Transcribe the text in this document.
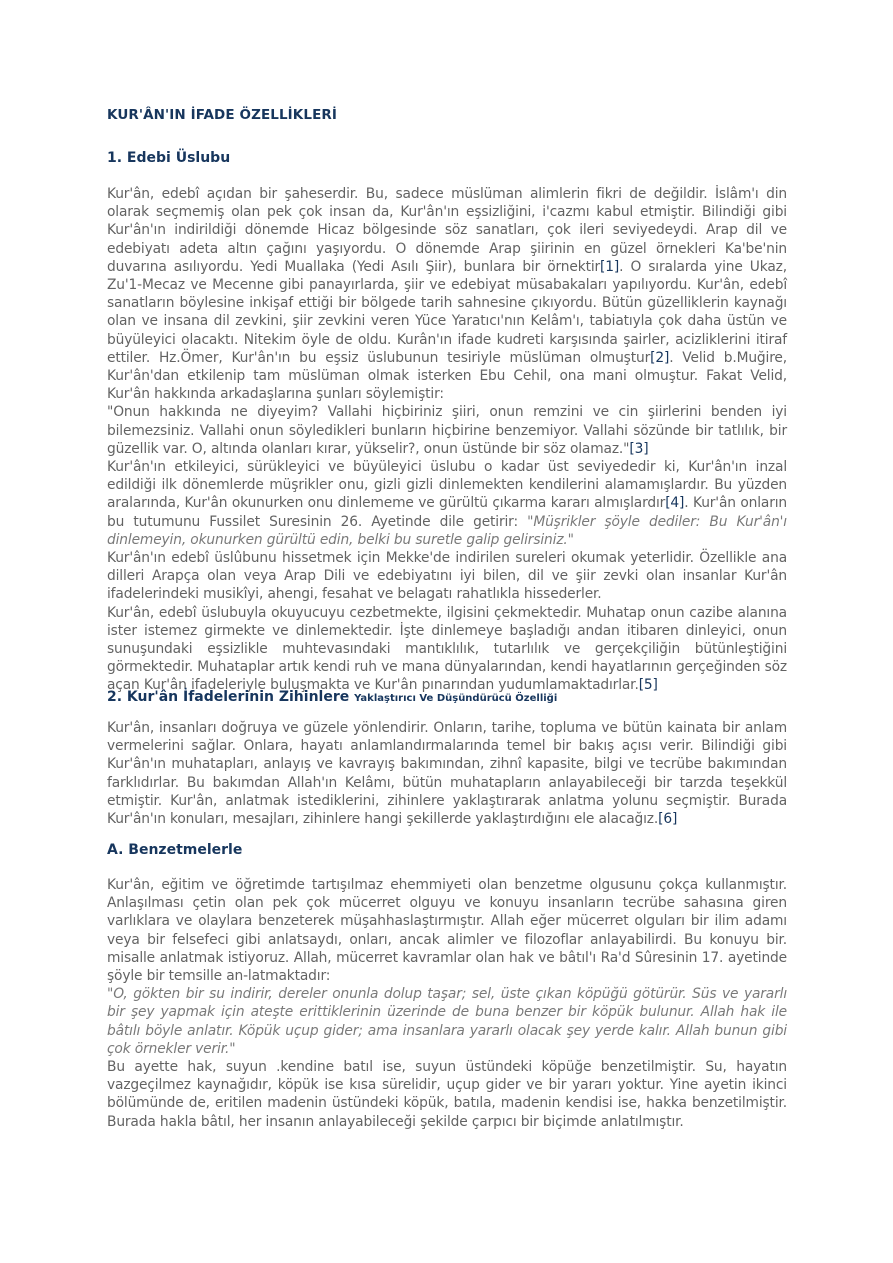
KUR'ÂN'IN İFADE ÖZELLİKLERİ
1. Edebi Üslubu
Kur'ân, edebî açıdan bir şaheserdir. Bu, sadece müslüman alimlerin fikri de değildir. İslâm'ı din olarak seçmemiş olan pek çok insan da, Kur'ân'ın eşsizliğini, i'cazmı kabul etmiştir. Bilindiği gibi Kur'ân'ın indirildiği dönemde Hicaz bölgesinde söz sanatları, çok ileri seviyedeydi. Arap dil ve edebiyatı adeta altın çağını yaşıyordu. O dönemde Arap şiirinin en güzel örnekleri Ka'be'nin duvarına asılıyordu. Yedi Muallaka (Yedi Asılı Şiir), bunlara bir örnektir[1]. O sıralarda yine Ukaz, Zu'1-Mecaz ve Mecenne gibi panayırlarda, şiir ve edebiyat müsabakaları yapılıyordu. Kur'ân, edebî sanatların böylesine inkişaf ettiği bir bölgede tarih sahnesine çıkıyordu. Bütün güzelliklerin kaynağı olan ve insana dil zevkini, şiir zevkini veren Yüce Yaratıcı'nın Kelâm'ı, tabiatıyla çok daha üstün ve büyüleyici olacaktı. Nitekim öyle de oldu. Kurân'ın ifade kudreti karşısında şairler, acizliklerini itiraf ettiler. Hz.Ömer, Kur'ân'ın bu eşsiz üslubunun tesiriyle müslüman olmuştur[2]. Velid b.Muğire, Kur'ân'dan etkilenip tam müslüman olmak isterken Ebu Cehil, ona mani olmuştur. Fakat Velid, Kur'ân hakkında arkadaşlarına şunları söylemiştir:
"Onun hakkında ne diyeyim? Vallahi hiçbiriniz şiiri, onun remzini ve cin şiirlerini benden iyi bilemezsiniz. Vallahi onun söyledikleri bunların hiçbirine benzemiyor. Vallahi sözünde bir tatlılık, bir güzellik var. O, altında olanları kırar, yükselir?, onun üstünde bir söz olamaz."[3]
Kur'ân'ın etkileyici, sürükleyici ve büyüleyici üslubu o kadar üst seviyededir ki, Kur'ân'ın inzal edildiği ilk dönemlerde müşrikler onu, gizli gizli dinlemekten kendilerini alamamışlardır. Bu yüzden aralarında, Kur'ân okunurken onu dinlememe ve gürültü çıkarma kararı almışlardır[4]. Kur'ân onların bu tutumunu Fussilet Suresinin 26. Ayetinde dile getirir: "Müşrikler şöyle dediler: Bu Kur'ân'ı dinlemeyin, okunurken gürültü edin, belki bu suretle galip gelirsiniz."
Kur'ân'ın edebî üslûbunu hissetmek için Mekke'de indirilen sureleri okumak yeterlidir. Özellikle ana dilleri Arapça olan veya Arap Dili ve edebiyatını iyi bilen, dil ve şiir zevki olan insanlar Kur'ân ifadelerindeki musikîyi, ahengi, fesahat ve belagatı rahatlıkla hissederler.
Kur'ân, edebî üslubuyla okuyucuyu cezbetmekte, ilgisini çekmektedir. Muhatap onun cazibe alanına ister istemez girmekte ve dinlemektedir. İşte dinlemeye başladığı andan itibaren dinleyici, onun sunuşundaki eşsizlikle muhtevasındaki mantıklılık, tutarlılık ve gerçekçiliğin bütünleştiğini görmektedir. Muhataplar artık kendi ruh ve mana dünyalarından, kendi hayatlarının gerçeğinden söz açan Kur'ân ifadeleriyle buluşmakta ve Kur'ân pınarından yudumlamaktadırlar.[5]
2. Kur'ân İfadelerinin Zihinlere Yaklaştırıcı Ve Düşündürücü Özelliği
Kur'ân, insanları doğruya ve güzele yönlendirir. Onların, tarihe, topluma ve bütün kainata bir anlam vermelerini sağlar. Onlara, hayatı anlamlandırmalarında temel bir bakış açısı verir. Bilindiği gibi Kur'ân'ın muhatapları, anlayış ve kavrayış bakımından, zihnî kapasite, bilgi ve tecrübe bakımından farklıdırlar. Bu bakımdan Allah'ın Kelâmı, bütün muhatapların anlayabileceği bir tarzda teşekkül etmiştir. Kur'ân, anlatmak istediklerini, zihinlere yaklaştırarak anlatma yolunu seçmiştir. Burada Kur'ân'ın konuları, mesajları, zihinlere hangi şekillerde yaklaştırdığını ele alacağız.[6]
A. Benzetmelerle
Kur'ân, eğitim ve öğretimde tartışılmaz ehemmiyeti olan benzetme olgusunu çokça kullanmıştır. Anlaşılması çetin olan pek çok mücerret olguyu ve konuyu insanların tecrübe sahasına giren varlıklara ve olaylara benzeterek müşahhaslaştırmıştır. Allah eğer mücerret olguları bir ilim adamı veya bir felsefeci gibi anlatsaydı, onları, ancak alimler ve filozoflar anlayabilirdi. Bu konuyu bir. misalle anlatmak istiyoruz. Allah, mücerret kavramlar olan hak ve bâtıl'ı Ra'd Sûresinin 17. ayetinde şöyle bir temsille an-latmaktadır:
"O, gökten bir su indirir, dereler onunla dolup taşar; sel, üste çıkan köpüğü götürür. Süs ve yararlı bir şey yapmak için ateşte erittiklerinin üzerinde de buna benzer bir köpük bulunur. Allah hak ile bâtılı böyle anlatır. Köpük uçup gider; ama insanlara yararlı olacak şey yerde kalır. Allah bunun gibi çok örnekler verir."
Bu ayette hak, suyun .kendine batıl ise, suyun üstündeki köpüğe benzetilmiştir. Su, hayatın vazgeçilmez kaynağıdır, köpük ise kısa sürelidir, uçup gider ve bir yararı yoktur. Yine ayetin ikinci bölümünde de, eritilen madenin üstündeki köpük, batıla, madenin kendisi ise, hakka benzetilmiştir. Burada hakla bâtıl, her insanın anlayabileceği şekilde çarpıcı bir biçimde anlatılmıştır.
